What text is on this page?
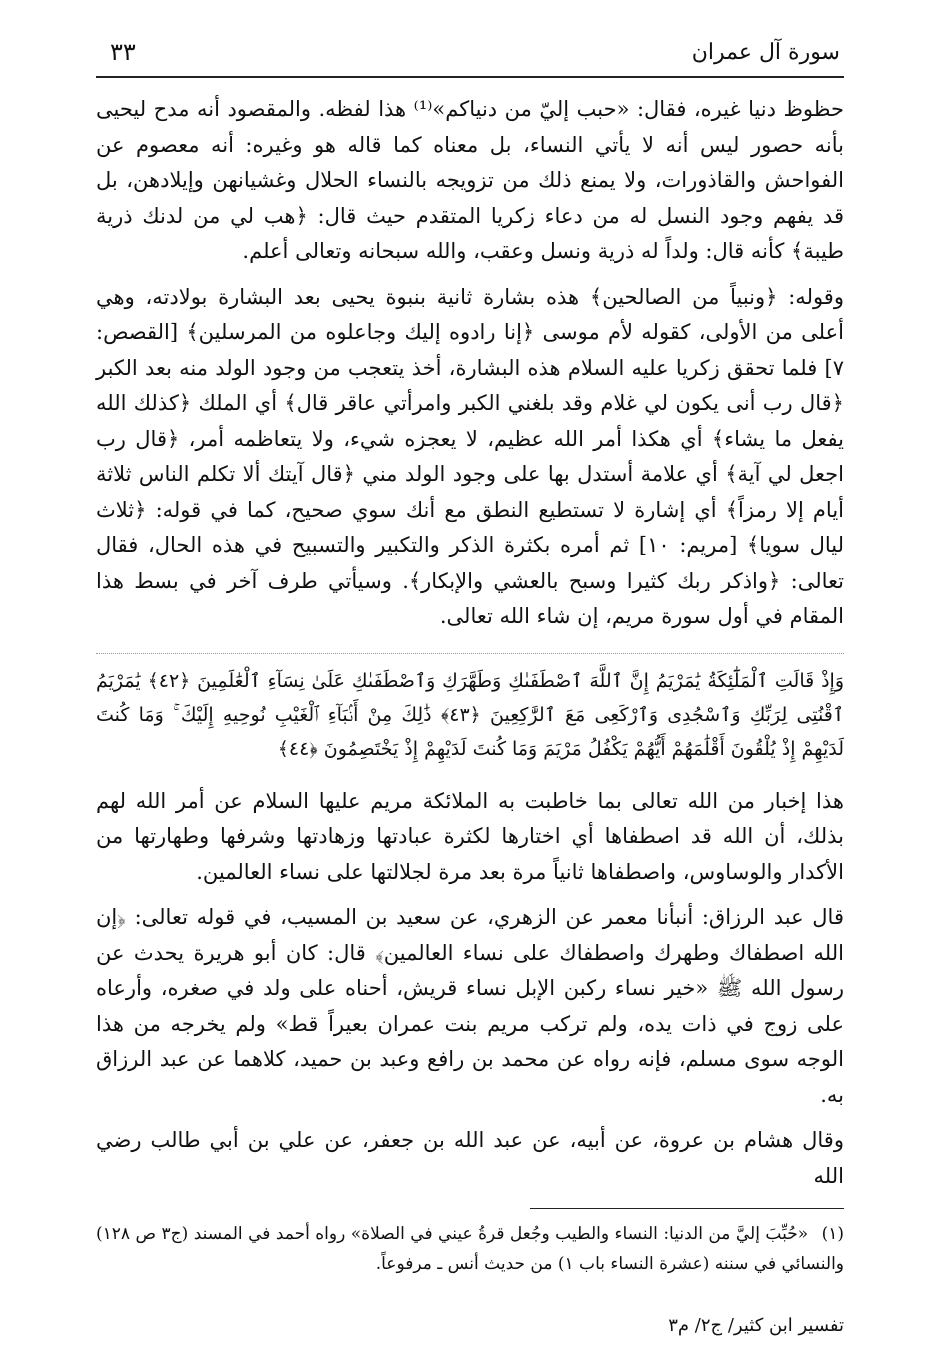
سورة آل عمران
٣٣

حظوظ دنيا غيره، فقال: «حبب إليّ من دنياكم»⁽¹⁾ هذا لفظه. والمقصود أنه مدح ليحيى بأنه حصور ليس أنه لا يأتي النساء، بل معناه كما قاله هو وغيره: أنه معصوم عن الفواحش والقاذورات، ولا يمنع ذلك من تزويجه بالنساء الحلال وغشيانهن وإيلادهن، بل قد يفهم وجود النسل له من دعاء زكريا المتقدم حيث قال: ﴿هب لي من لدنك ذرية طيبة﴾ كأنه قال: ولداً له ذرية ونسل وعقب، والله سبحانه وتعالى أعلم.

وقوله: ﴿ونبياً من الصالحين﴾ هذه بشارة ثانية بنبوة يحيى بعد البشارة بولادته، وهي أعلى من الأولى، كقوله لأم موسى ﴿إنا رادوه إليك وجاعلوه من المرسلين﴾ [القصص: ٧] فلما تحقق زكريا عليه السلام هذه البشارة، أخذ يتعجب من وجود الولد منه بعد الكبر ﴿قال رب أنى يكون لي غلام وقد بلغني الكبر وامرأتي عاقر قال﴾ أي الملك ﴿كذلك الله يفعل ما يشاء﴾ أي هكذا أمر الله عظيم، لا يعجزه شيء، ولا يتعاظمه أمر، ﴿قال رب اجعل لي آية﴾ أي علامة أستدل بها على وجود الولد مني ﴿قال آيتك ألا تكلم الناس ثلاثة أيام إلا رمزاً﴾ أي إشارة لا تستطيع النطق مع أنك سوي صحيح، كما في قوله: ﴿ثلاث ليال سويا﴾ [مريم: ١٠] ثم أمره بكثرة الذكر والتكبير والتسبيح في هذه الحال، فقال تعالى: ﴿واذكر ربك كثيرا وسبح بالعشي والإبكار﴾. وسيأتي طرف آخر في بسط هذا المقام في أول سورة مريم، إن شاء الله تعالى.

وَإِذْ قَالَتِ ٱلْمَلَٰٓئِكَةُ يَٰمَرْيَمُ إِنَّ ٱللَّهَ ٱصْطَفَىٰكِ وَطَهَّرَكِ وَٱصْطَفَىٰكِ عَلَىٰ نِسَآءِ ٱلْعَٰلَمِينَ ﴿٤٢﴾ يَٰمَرْيَمُ ٱقْنُتِى لِرَبِّكِ وَٱسْجُدِى وَٱرْكَعِى مَعَ ٱلرَّٰكِعِينَ ﴿٤٣﴾ ذَٰلِكَ مِنْ أَنۢبَآءِ ٱلْغَيْبِ نُوحِيهِ إِلَيْكَ ۚ وَمَا كُنتَ لَدَيْهِمْ إِذْ يُلْقُونَ أَقْلَٰمَهُمْ أَيُّهُمْ يَكْفُلُ مَرْيَمَ وَمَا كُنتَ لَدَيْهِمْ إِذْ يَخْتَصِمُونَ ﴿٤٤﴾

هذا إخبار من الله تعالى بما خاطبت به الملائكة مريم عليها السلام عن أمر الله لهم بذلك، أن الله قد اصطفاها أي اختارها لكثرة عبادتها وزهادتها وشرفها وطهارتها من الأكدار والوساوس، واصطفاها ثانياً مرة بعد مرة لجلالتها على نساء العالمين.

قال عبد الرزاق: أنبأنا معمر عن الزهري، عن سعيد بن المسيب، في قوله تعالى: ﴿إن الله اصطفاك وطهرك واصطفاك على نساء العالمين﴾ قال: كان أبو هريرة يحدث عن رسول الله ﷺ «خير نساء ركبن الإبل نساء قريش، أحناه على ولد في صغره، وأرعاه على زوج في ذات يده، ولم تركب مريم بنت عمران بعيراً قط» ولم يخرجه من هذا الوجه سوى مسلم، فإنه رواه عن محمد بن رافع وعبد بن حميد، كلاهما عن عبد الرزاق به.

وقال هشام بن عروة، عن أبيه، عن عبد الله بن جعفر، عن علي بن أبي طالب رضي الله

(١) «حُبِّبَ إليَّ من الدنيا: النساء والطيب وجُعل قرةُ عيني في الصلاة» رواه أحمد في المسند (ج٣ ص ١٢٨) والنسائي في سننه (عشرة النساء باب ١) من حديث أنس ـ مرفوعاً.
تفسير ابن كثير/ ج٢/ م٣
